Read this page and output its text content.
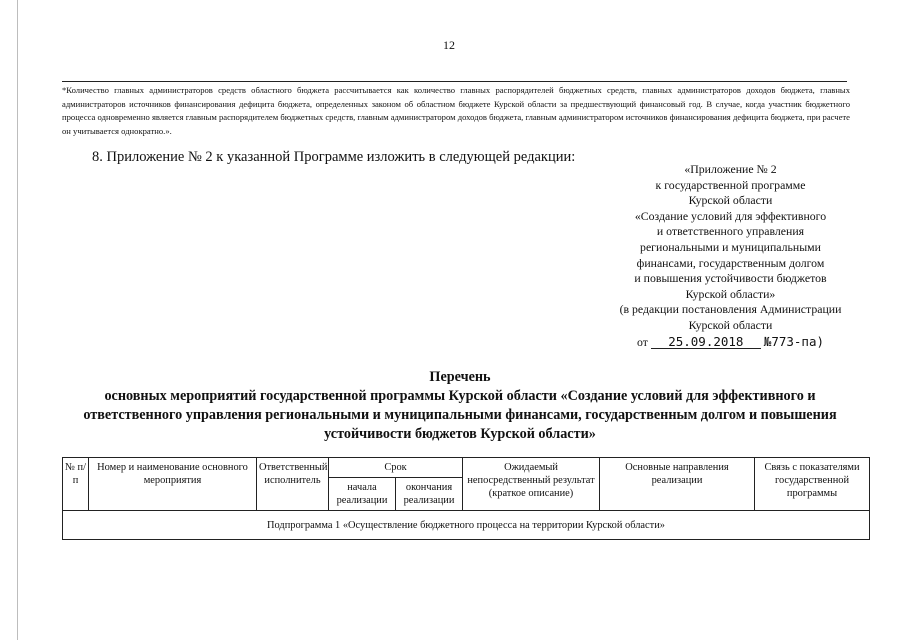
12
*Количество главных администраторов средств областного бюджета рассчитывается как количество главных распорядителей бюджетных средств, главных администраторов доходов бюджета, главных администраторов источников финансирования дефицита бюджета, определенных законом об областном бюджете Курской области за предшествующий финансовый год. В случае, когда участник бюджетного процесса одновременно является главным распорядителем бюджетных средств, главным администратором доходов бюджета, главным администратором источников финансирования дефицита бюджета, при расчете он учитывается однократно.».
8. Приложение № 2 к указанной Программе изложить в следующей редакции:
«Приложение № 2
к государственной программе
Курской области
«Создание условий для эффективного
и ответственного управления
региональными и муниципальными
финансами, государственным долгом
и повышения устойчивости бюджетов
Курской области»
(в редакции постановления Администрации
Курской области
от 25.09.2018 №773-па)
Перечень
основных мероприятий государственной программы Курской области «Создание условий для эффективного и ответственного управления региональными и муниципальными финансами, государственным долгом и повышения устойчивости бюджетов Курской области»
№ п/п	Номер и наименование основного мероприятия	Ответственный исполнитель	Срок		Ожидаемый непосредственный результат (краткое описание)	Основные направления реализации	Связь с показателями государственной программы
			начала реализации	окончания реализации			
Подпрограмма 1 «Осуществление бюджетного процесса на территории Курской области»							
